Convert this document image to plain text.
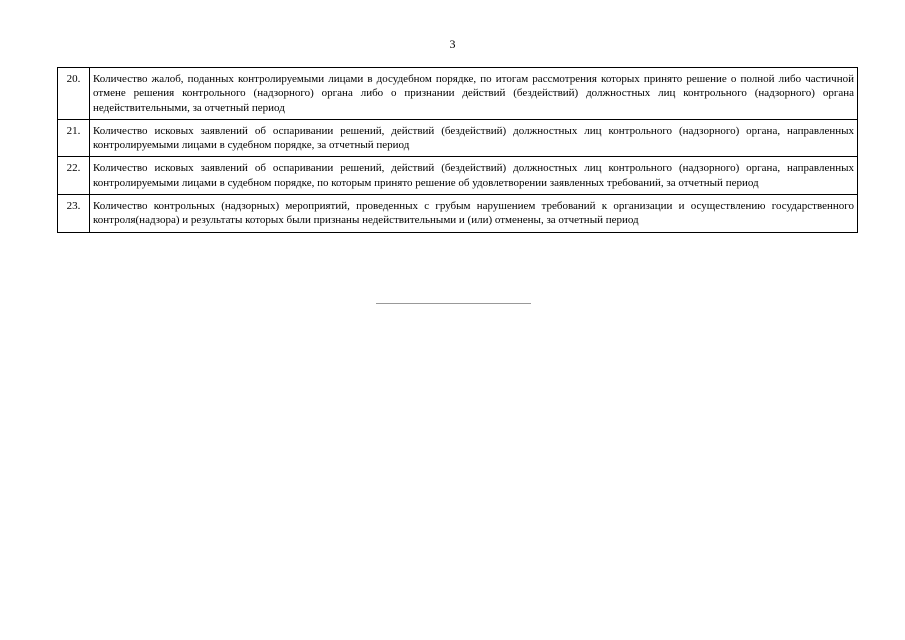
3
20.	Количество жалоб, поданных контролируемыми лицами в досудебном порядке, по итогам рассмотрения которых принято решение о полной либо частичной отмене решения контрольного (надзорного) органа либо о признании действий (бездействий) должностных лиц контрольного (надзорного) органа недействительными, за отчетный период
21.	Количество исковых заявлений об оспаривании решений, действий (бездействий) должностных лиц контрольного (надзорного) органа, направленных контролируемыми лицами в судебном порядке, за отчетный период
22.	Количество исковых заявлений об оспаривании решений, действий (бездействий) должностных лиц контрольного (надзорного) органа, направленных контролируемыми лицами в судебном порядке, по которым принято решение об удовлетворении заявленных требований, за отчетный период
23.	Количество контрольных (надзорных) мероприятий, проведенных с грубым нарушением требований к организации и осуществлению государственного контроля(надзора) и результаты которых были признаны недействительными и (или) отменены, за отчетный период
